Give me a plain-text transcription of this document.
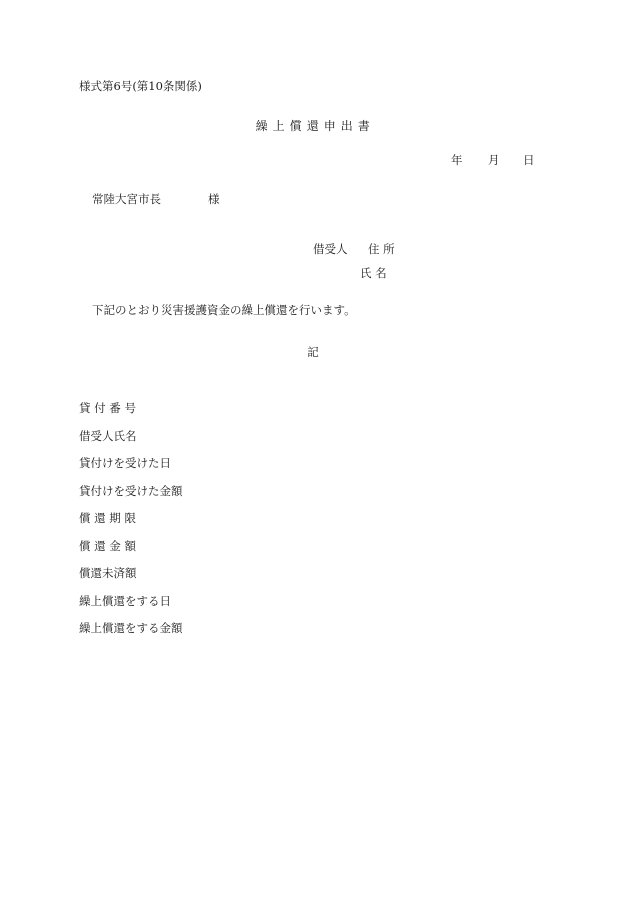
様式第6号(第10条関係)
繰 上 償 還 申 出 書
年 月 日
常陸大宮市長	様
借受人 住 所
氏 名
下記のとおり災害援護資金の繰上償還を行います。
記
貸 付 番 号
借受人氏名
貸付けを受けた日
貸付けを受けた金額
償 還 期 限
償 還 金 額
償還未済額
繰上償還をする日
繰上償還をする金額
